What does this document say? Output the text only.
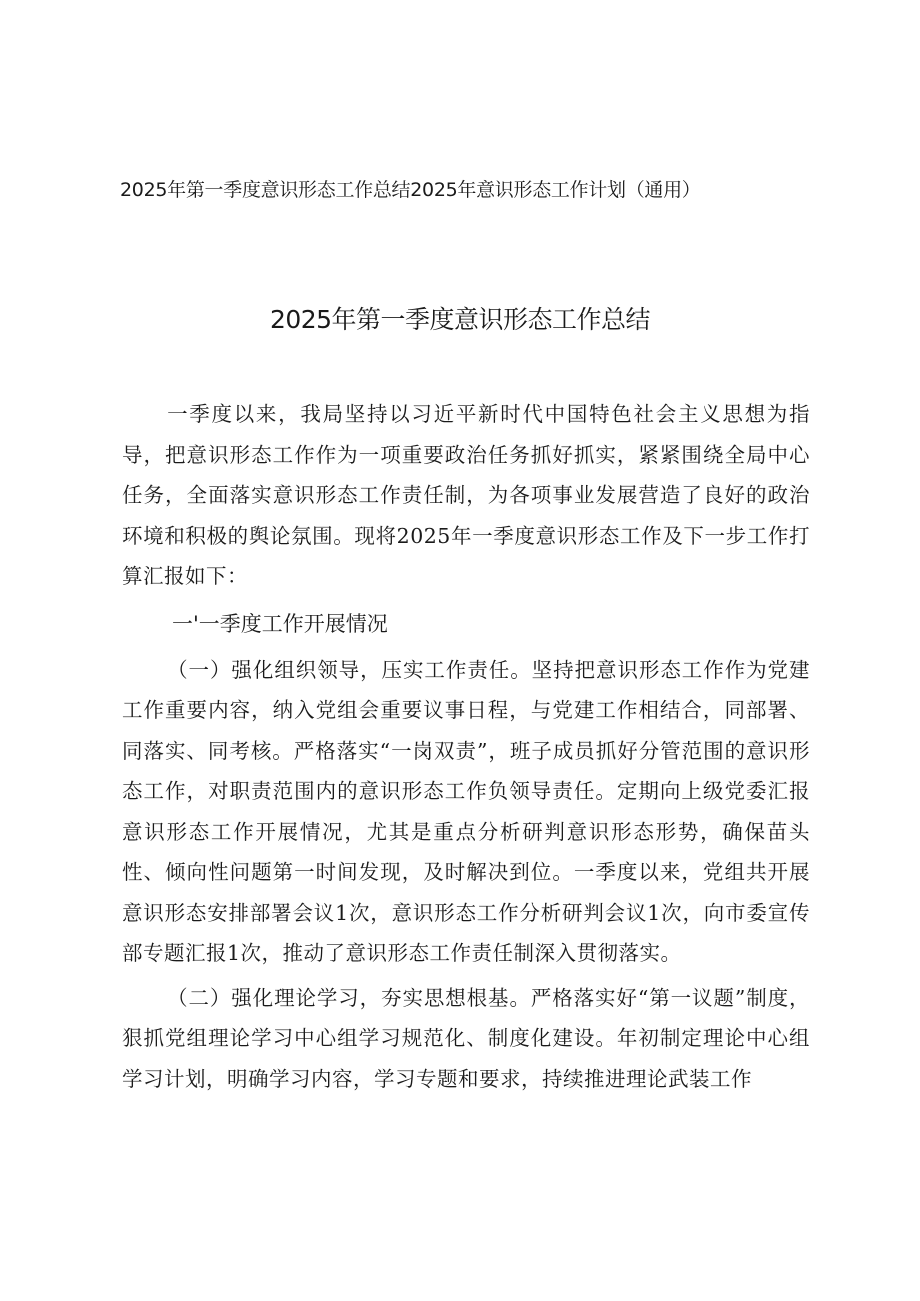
2025年第一季度意识形态工作总结2025年意识形态工作计划（通用）
2025年第一季度意识形态工作总结

一季度以来，我局坚持以习近平新时代中国特色社会主义思想为指导，把意识形态工作作为一项重要政治任务抓好抓实，紧紧围绕全局中心任务，全面落实意识形态工作责任制，为各项事业发展营造了良好的政治环境和积极的舆论氛围。现将2025年一季度意识形态工作及下一步工作打算汇报如下：

一'一季度工作开展情况

（一）强化组织领导，压实工作责任。坚持把意识形态工作作为党建工作重要内容，纳入党组会重要议事日程，与党建工作相结合，同部署、同落实、同考核。严格落实“一岗双责”，班子成员抓好分管范围的意识形态工作，对职责范围内的意识形态工作负领导责任。定期向上级党委汇报意识形态工作开展情况，尤其是重点分析研判意识形态形势，确保苗头性、倾向性问题第一时间发现，及时解决到位。一季度以来，党组共开展意识形态安排部署会议1次，意识形态工作分析研判会议1次，向市委宣传部专题汇报1次，推动了意识形态工作责任制深入贯彻落实。

（二）强化理论学习，夯实思想根基。严格落实好“第一议题”制度，狠抓党组理论学习中心组学习规范化、制度化建设。年初制定理论中心组学习计划，明确学习内容，学习专题和要求，持续推进理论武装工作
